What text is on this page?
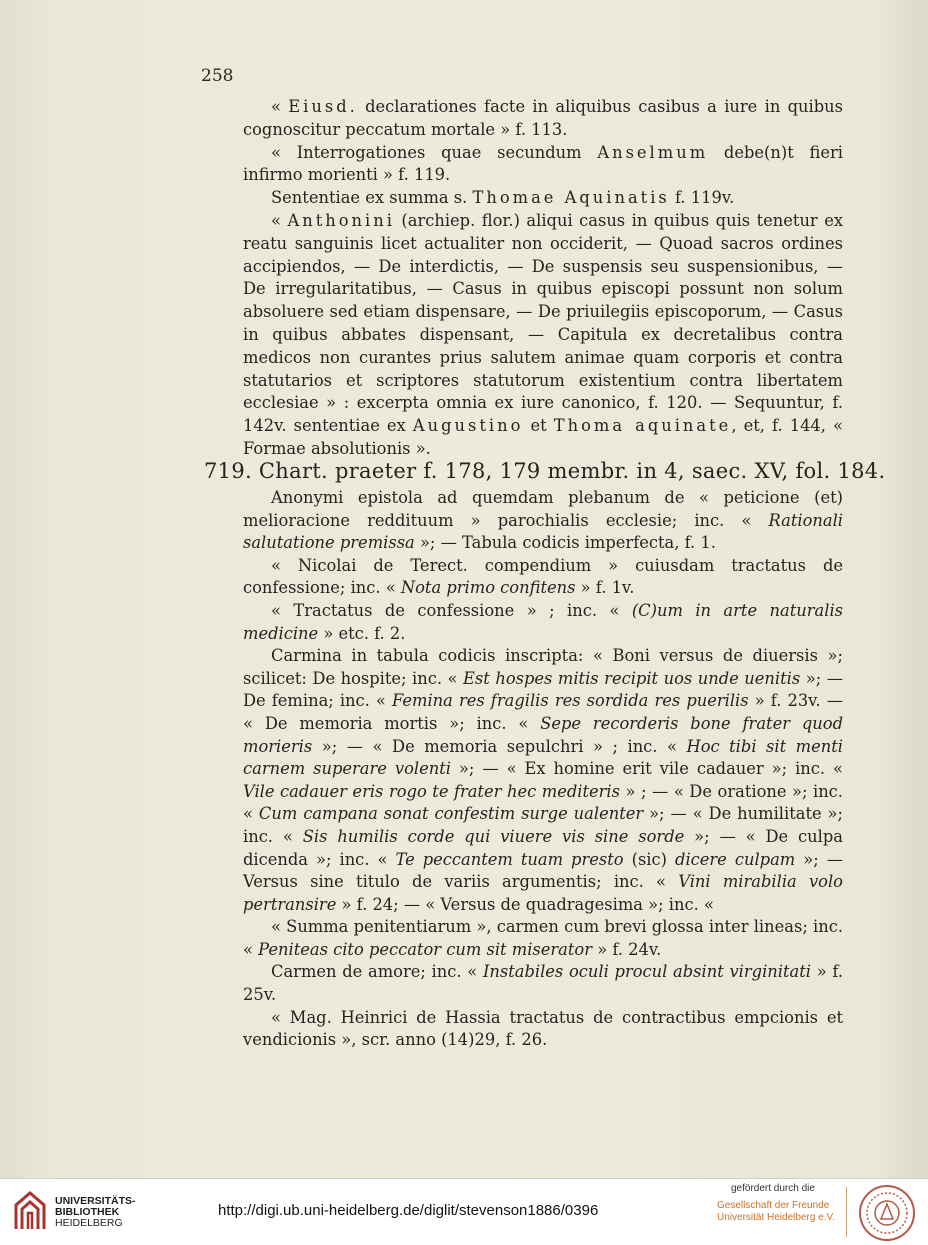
258

« Eiusd. declarationes facte in aliquibus casibus a iure in quibus cognoscitur peccatum mortale » f. 113.

« Interrogationes quae secundum Anselmum debe(n)t fieri infirmo morienti » f. 119.

Sententiae ex summa s. Thomae Aquinatis f. 119v.

« Anthonini (archiep. flor.) aliqui casus in quibus quis tenetur ex reatu sanguinis licet actualiter non occiderit, — Quoad sacros ordines accipiendos, — De interdictis, — De suspensis seu suspensionibus, — De irregularitatibus, — Casus in quibus episcopi possunt non solum absoluere sed etiam dispensare, — De priuilegiis episcoporum, — Casus in quibus abbates dispensant, — Capitula ex decretalibus contra medicos non curantes prius salutem animae quam corporis et contra statutarios et scriptores statutorum existentium contra libertatem ecclesiae » : excerpta omnia ex iure canonico, f. 120. — Sequuntur, f. 142v. sententiae ex Augustino et Thoma aquinate, et, f. 144, « Formae absolutionis ».

719. Chart. praeter f. 178, 179 membr. in 4, saec. XV, fol. 184.

Anonymi epistola ad quemdam plebanum de « peticione (et) melioracione reddituum » parochialis ecclesie; inc. « Rationali salutatione premissa »; — Tabula codicis imperfecta, f. 1.

« Nicolai de Terect. compendium » cuiusdam tractatus de confessione; inc. « Nota primo confitens » f. 1v.

« Tractatus de confessione » ; inc. « (C)um in arte naturalis medicine » etc. f. 2.

Carmina in tabula codicis inscripta: « Boni versus de diuersis »; scilicet: De hospite; inc. « Est hospes mitis recipit uos unde uenitis »; — De femina; inc. « Femina res fragilis res sordida res puerilis » f. 23v. — « De memoria mortis »; inc. « Sepe recorderis bone frater quod morieris »; — « De memoria sepulchri » ; inc. « Hoc tibi sit menti carnem superare volenti »; — « Ex homine erit vile cadauer »; inc. « Vile cadauer eris rogo te frater hec mediteris » ; — « De oratione »; inc. « Cum campana sonat confestim surge ualenter »; — « De humilitate »; inc. « Sis humilis corde qui viuere vis sine sorde »; — « De culpa dicenda »; inc. « Te peccantem tuam presto (sic) dicere culpam »; — Versus sine titulo de variis argumentis; inc. « Vini mirabilia volo pertransire » f. 24; — « Versus de quadragesima »; inc. «

« Summa penitentiarum », carmen cum brevi glossa inter lineas; inc. « Peniteas cito peccator cum sit miserator » f. 24v.

Carmen de amore; inc. « Instabiles oculi procul absint virginitati » f. 25v.

« Mag. Heinrici de Hassia tractatus de contractibus empcionis et vendicionis », scr. anno (14)29, f. 26.

UNIVERSITÄTS-
BIBLIOTHEK
HEIDELBERG
http://digi.ub.uni-heidelberg.de/diglit/stevenson1886/0396
gefördert durch die
Gesellschaft der Freunde
Universität Heidelberg e.V.
